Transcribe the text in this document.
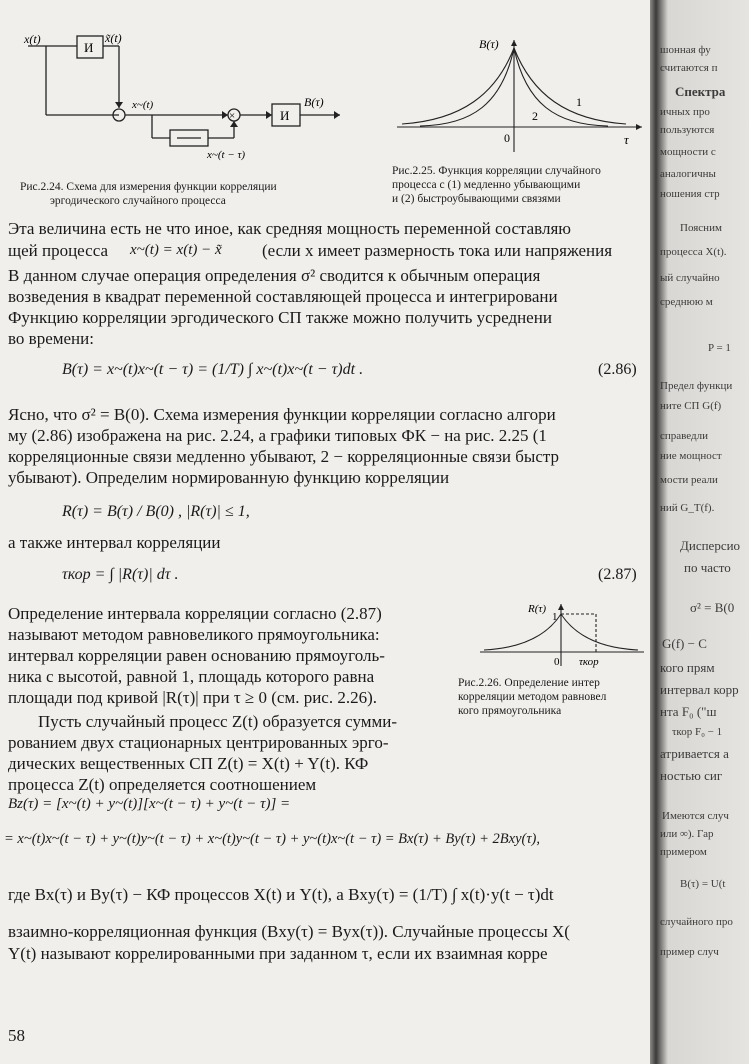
x(t)
И
x̃(t)
x~(t)
×	И
B(τ)
x~(t − τ)
Рис.2.24. Схема для измерения функции корреляции
эргодического случайного процесса
B(τ)
τ
0
1
2
Рис.2.25. Функция корреляции случайного
процесса с (1) медленно убывающими
и (2) быстроубывающими связями
Эта величина есть не что иное, как средняя мощность переменной составляю
щей процесса x~(t) = x(t) − x̃ (если x имеет размерность тока или напряжения
В данном случае операция определения σ² сводится к обычным операция
возведения в квадрат переменной составляющей процесса и интегрировани
Функцию корреляции эргодического СП также можно получить усреднени
во времени:
B(τ) = x~(t)x~(t − τ) = (1/T) ∫ x~(t)x~(t − τ)dt .	(2.86)
Ясно, что σ² = B(0). Схема измерения функции корреляции согласно алгори
му (2.86) изображена на рис. 2.24, а графики типовых ФК − на рис. 2.25 (1
корреляционные связи медленно убывают, 2 − корреляционные связи быстр
убывают). Определим нормированную функцию корреляции
R(τ) = B(τ) / B(0) , |R(τ)| ≤ 1,
а также интервал корреляции
τкор = ∫ |R(τ)| dτ .	(2.87)
Определение интервала корреляции согласно (2.87)
называют методом равновеликого прямоугольника:
интервал корреляции равен основанию прямоуголь-
ника с высотой, равной 1, площадь которого равна
площади под кривой |R(τ)| при τ ≥ 0 (см. рис. 2.26).
Пусть случайный процесс Z(t) образуется сумми-
рованием двух стационарных центрированных эрго-
дических вещественных СП Z(t) = X(t) + Y(t). КФ
процесса Z(t) определяется соотношением
R(τ)
1
0 τкор
Рис.2.26. Определение интер
корреляции методом равновел
кого прямоугольника
Bz(τ) = [x~(t) + y~(t)][x~(t − τ) + y~(t − τ)] =
= x~(t)x~(t − τ) + y~(t)y~(t − τ) + x~(t)y~(t − τ) + y~(t)x~(t − τ) = Bx(τ) + By(τ) + 2Bxy(τ),
где Bx(τ) и By(τ) − КФ процессов X(t) и Y(t), а Bxy(τ) = (1/T) ∫ x(t)·y(t − τ)dt
взаимно-корреляционная функция (Bxy(τ) = Byx(τ)). Случайные процессы X(
Y(t) называют коррелированными при заданном τ, если их взаимная корре
58
шонная фу
считаются п
Спектра
ичных про
пользуются
мощности с
аналогичны
ношения стр
Поясним
процесса X(t).
ый случайно
среднюю м
P = 1
Предел функци
ните СП G(f)
справедли
ние мощност
мости реали
ний G_T(f).
Дисперсио
по часто
σ² = B(0
G(f) − C
кого прям
интервал корр
нта F₀ ("ш
τкор F₀ − 1
атривается а
ностью сиг
Имеются случ
или ∞). Гар
примером
B(τ) = U(t
случайного про
пример случ
